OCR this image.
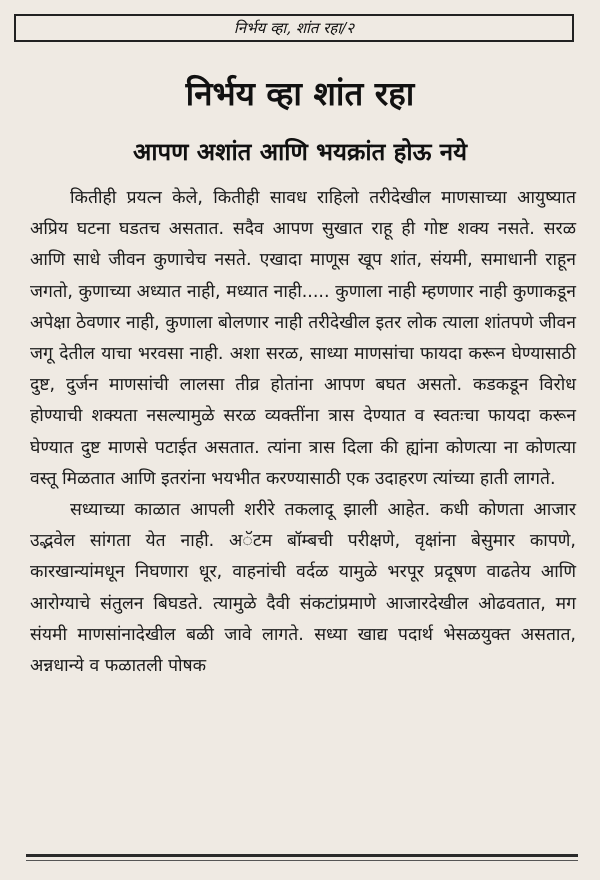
निर्भय व्हा, शांत रहा/२
निर्भय व्हा शांत रहा
आपण अशांत आणि भयक्रांत होऊ नये

कितीही प्रयत्न केले, कितीही सावध राहिलो तरीदेखील माणसाच्या आयुष्यात अप्रिय घटना घडतच असतात. सदैव आपण सुखात राहू ही गोष्ट शक्य नसते. सरळ आणि साधे जीवन कुणाचेच नसते. एखादा माणूस खूप शांत, संयमी, समाधानी राहून जगतो, कुणाच्या अध्यात नाही, मध्यात नाही..... कुणाला नाही म्हणणार नाही कुणाकडून अपेक्षा ठेवणार नाही, कुणाला बोलणार नाही तरीदेखील इतर लोक त्याला शांतपणे जीवन जगू देतील याचा भरवसा नाही. अशा सरळ, साध्या माणसांचा फायदा करून घेण्यासाठी दुष्ट, दुर्जन माणसांची लालसा तीव्र होतांना आपण बघत असतो. कडकडून विरोध होण्याची शक्यता नसल्यामुळे सरळ व्यक्तींना त्रास देण्यात व स्वतःचा फायदा करून घेण्यात दुष्ट माणसे पटाईत असतात. त्यांना त्रास दिला की ह्यांना कोणत्या ना कोणत्या वस्तू मिळतात आणि इतरांना भयभीत करण्यासाठी एक उदाहरण त्यांच्या हाती लागते.

सध्याच्या काळात आपली शरीरे तकलादू झाली आहेत. कधी कोणता आजार उद्भवेल सांगता येत नाही. अॅटम बॉम्बची परीक्षणे, वृक्षांना बेसुमार कापणे, कारखान्यांमधून निघणारा धूर, वाहनांची वर्दळ यामुळे भरपूर प्रदूषण वाढतेय आणि आरोग्याचे संतुलन बिघडते. त्यामुळे दैवी संकटांप्रमाणे आजारदेखील ओढवतात, मग संयमी माणसांनादेखील बळी जावे लागते. सध्या खाद्य पदार्थ भेसळयुक्त असतात, अन्नधान्ये व फळातली पोषक
